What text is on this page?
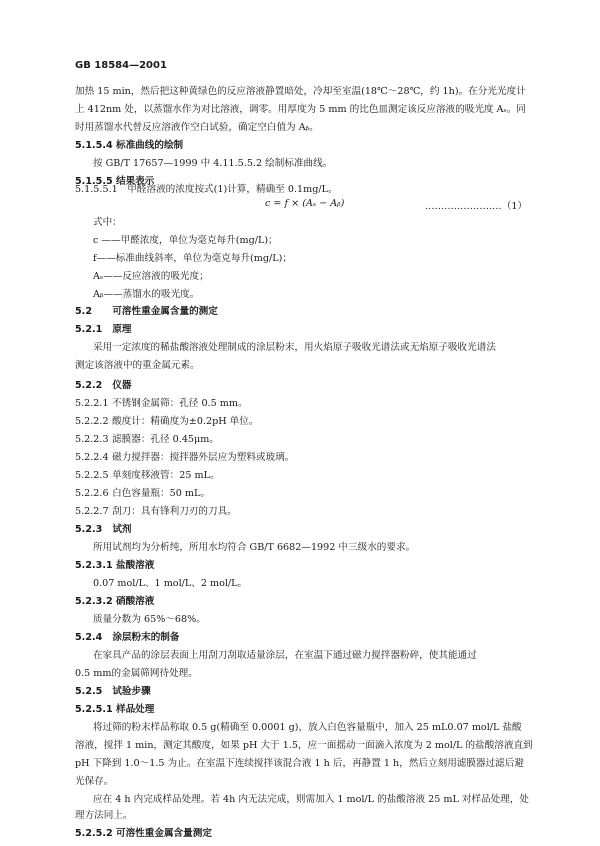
GB 18584—2001
加热 15 min，然后把这种黄绿色的反应溶液静置暗处，冷却至室温(18℃～28℃，约 1h)。在分光光度计
上 412nm 处，以蒸馏水作为对比溶液，调零。用厚度为 5 mm 的比色皿测定该反应溶液的吸光度 Aₛ。同
时用蒸馏水代替反应溶液作空白试验，确定空白值为 Aᵦ。
5.1.5.4 标准曲线的绘制
按 GB/T 17657—1999 中 4.11.5.5.2 绘制标准曲线。
5.1.5.5 结果表示
5.1.5.5.1　甲醛溶液的浓度按式(1)计算，精确至 0.1mg/L。
c = f × (Aₛ − Aᵦ)	……………………（1）
式中：
c ——甲醛浓度，单位为毫克每升(mg/L)；
f——标准曲线斜率，单位为毫克每升(mg/L)；
Aₛ——反应溶液的吸光度；
Aᵦ——蒸馏水的吸光度。
5.2 可溶性重金属含量的测定
5.2.1 原理
采用一定浓度的稀盐酸溶液处理制成的涂层粉末，用火焰原子吸收光谱法或无焰原子吸收光谱法
测定该溶液中的重金属元素。
5.2.2 仪器
5.2.2.1 不锈钢金属筛：孔径 0.5 mm。
5.2.2.2 酸度计：精确度为±0.2pH 单位。
5.2.2.3 滤膜器：孔径 0.45μm。
5.2.2.4 磁力搅拌器：搅拌器外层应为塑料或玻璃。
5.2.2.5 单刻度移液管：25 mL。
5.2.2.6 白色容量瓶：50 mL。
5.2.2.7 刮刀：具有锋利刀刃的刀具。
5.2.3 试剂
所用试剂均为分析纯，所用水均符合 GB/T 6682—1992 中三级水的要求。
5.2.3.1 盐酸溶液
0.07 mol/L、1 mol/L、2 mol/L。
5.2.3.2 硝酸溶液
质量分数为 65%～68%。
5.2.4 涂层粉末的制备
在家具产品的涂层表面上用刮刀刮取适量涂层，在室温下通过磁力搅拌器粉碎，使其能通过
0.5 mm的金属筛网待处理。
5.2.5 试验步骤
5.2.5.1 样品处理
将过筛的粉末样品称取 0.5 g(精确至 0.0001 g)，放入白色容量瓶中，加入 25 mL0.07 mol/L 盐酸
溶液，搅拌 1 min，测定其酸度，如果 pH 大于 1.5，应一面摇动一面滴入浓度为 2 mol/L 的盐酸溶液直到
pH 下降到 1.0～1.5 为止。在室温下连续搅拌该混合液 1 h 后，再静置 1 h，然后立刻用滤膜器过滤后避
光保存。
应在 4 h 内完成样品处理。若 4h 内无法完成，则需加入 1 mol/L 的盐酸溶液 25 mL 对样品处理，处
理方法同上。
5.2.5.2 可溶性重金属含量测定
